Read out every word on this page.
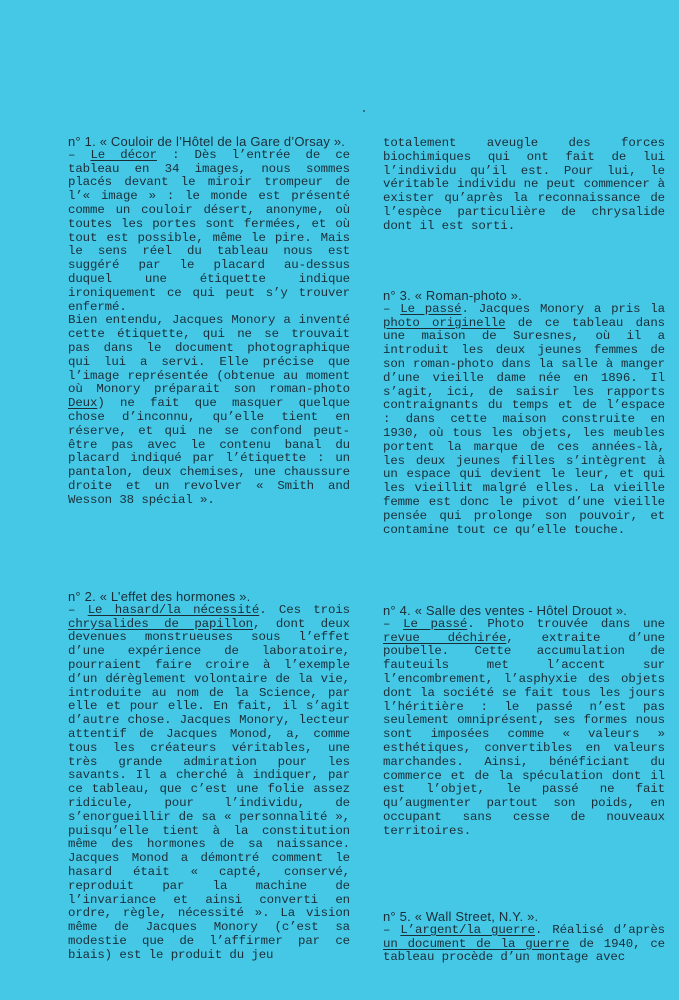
n° 1. « Couloir de l’Hôtel de la Gare d’Orsay ».

– Le décor : Dès l’entrée de ce tableau en 34 images, nous sommes placés devant le miroir trompeur de l’« image » : le monde est présenté comme un couloir désert, anonyme, où toutes les portes sont fermées, et où tout est possible, même le pire. Mais le sens réel du tableau nous est suggéré par le placard au-dessus duquel une étiquette indique ironiquement ce qui peut s’y trouver enfermé.

Bien entendu, Jacques Monory a inventé cette étiquette, qui ne se trouvait pas dans le document photographique qui lui a servi. Elle précise que l’image représentée (obtenue au moment où Monory préparait son roman-photo Deux) ne fait que masquer quelque chose d’inconnu, qu’elle tient en réserve, et qui ne se confond peut-être pas avec le contenu banal du placard indiqué par l’étiquette : un pantalon, deux chemises, une chaussure droite et un revolver « Smith and Wesson 38 spécial ».

n° 2. « L’effet des hormones ».

– Le hasard/la nécessité. Ces trois chrysalides de papillon, dont deux devenues monstrueuses sous l’effet d’une expérience de laboratoire, pourraient faire croire à l’exemple d’un dérèglement volontaire de la vie, introduite au nom de la Science, par elle et pour elle. En fait, il s’agit d’autre chose. Jacques Monory, lecteur attentif de Jacques Monod, a, comme tous les créateurs véritables, une très grande admiration pour les savants. Il a cherché à indiquer, par ce tableau, que c’est une folie assez ridicule, pour l’individu, de s’enorgueillir de sa « personnalité », puisqu’elle tient à la constitution même des hormones de sa naissance. Jacques Monod a démontré comment le hasard était « capté, conservé, reproduit par la machine de l’invariance et ainsi converti en ordre, règle, nécessité ». La vision même de Jacques Monory (c’est sa modestie que de l’affirmer par ce biais) est le produit du jeu

totalement aveugle des forces biochimiques qui ont fait de lui l’individu qu’il est. Pour lui, le véritable individu ne peut commencer à exister qu’après la reconnaissance de l’espèce particulière de chrysalide dont il est sorti.

n° 3. « Roman-photo ».

– Le passé. Jacques Monory a pris la photo originelle de ce tableau dans une maison de Suresnes, où il a introduit les deux jeunes femmes de son roman-photo dans la salle à manger d’une vieille dame née en 1896. Il s’agit, ici, de saisir les rapports contraignants du temps et de l’espace : dans cette maison construite en 1930, où tous les objets, les meubles portent la marque de ces années-là, les deux jeunes filles s’intègrent à un espace qui devient le leur, et qui les vieillit malgré elles. La vieille femme est donc le pivot d’une vieille pensée qui prolonge son pouvoir, et contamine tout ce qu’elle touche.

n° 4. « Salle des ventes - Hôtel Drouot ».

– Le passé. Photo trouvée dans une revue déchirée, extraite d’une poubelle. Cette accumulation de fauteuils met l’accent sur l’encombrement, l’asphyxie des objets dont la société se fait tous les jours l’héritière : le passé n’est pas seulement omniprésent, ses formes nous sont imposées comme « valeurs » esthétiques, convertibles en valeurs marchandes. Ainsi, bénéficiant du commerce et de la spéculation dont il est l’objet, le passé ne fait qu’augmenter partout son poids, en occupant sans cesse de nouveaux territoires.

n° 5. « Wall Street, N.Y. ».

– L’argent/la guerre. Réalisé d’après un document de la guerre de 1940, ce tableau procède d’un montage avec
